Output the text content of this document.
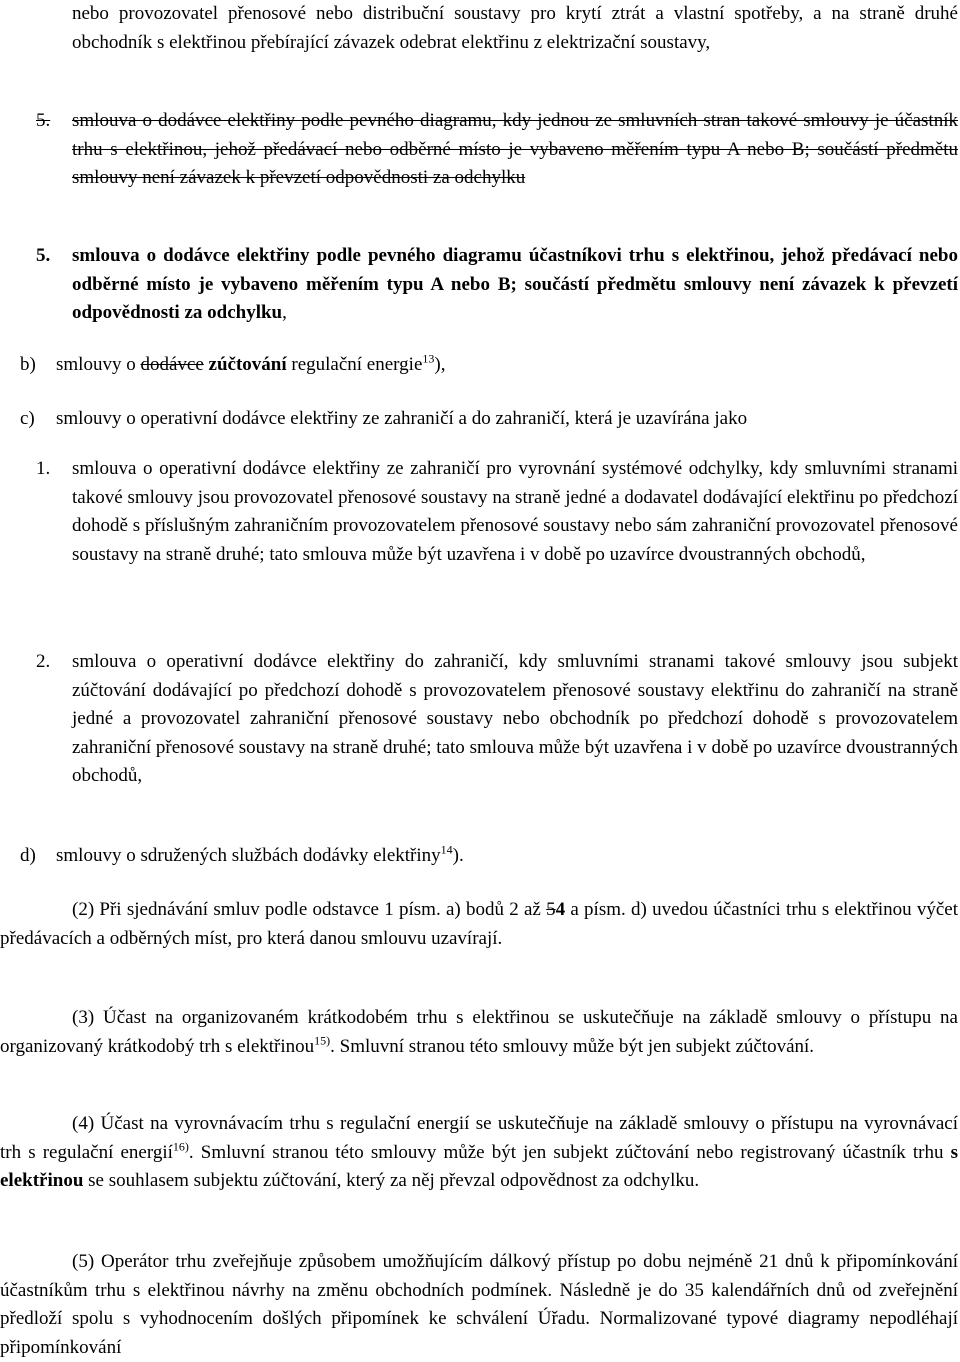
nebo provozovatel přenosové nebo distribuční soustavy pro krytí ztrát a vlastní spotřeby, a na straně druhé obchodník s elektřinou přebírající závazek odebrat elektřinu z elektrizační soustavy,

5. smlouva o dodávce elektřiny podle pevného diagramu, kdy jednou ze smluvních stran takové smlouvy je účastník trhu s elektřinou, jehož předávací nebo odběrné místo je vybaveno měřením typu A nebo B; součástí předmětu smlouvy není závazek k převzetí odpovědnosti za odchylku

5. smlouva o dodávce elektřiny podle pevného diagramu účastníkovi trhu s elektřinou, jehož předávací nebo odběrné místo je vybaveno měřením typu A nebo B; součástí předmětu smlouvy není závazek k převzetí odpovědnosti za odchylku,

b) smlouvy o dodávce zúčtování regulační energie$^{13}$),

c) smlouvy o operativní dodávce elektřiny ze zahraničí a do zahraničí, která je uzavírána jako

1. smlouva o operativní dodávce elektřiny ze zahraničí pro vyrovnání systémové odchylky, kdy smluvními stranami takové smlouvy jsou provozovatel přenosové soustavy na straně jedné a dodavatel dodávající elektřinu po předchozí dohodě s příslušným zahraničním provozovatelem přenosové soustavy nebo sám zahraniční provozovatel přenosové soustavy na straně druhé; tato smlouva může být uzavřena i v době po uzavírce dvoustranných obchodů,

2. smlouva o operativní dodávce elektřiny do zahraničí, kdy smluvními stranami takové smlouvy jsou subjekt zúčtování dodávající po předchozí dohodě s provozovatelem přenosové soustavy elektřinu do zahraničí na straně jedné a provozovatel zahraniční přenosové soustavy nebo obchodník po předchozí dohodě s provozovatelem zahraniční přenosové soustavy na straně druhé; tato smlouva může být uzavřena i v době po uzavírce dvoustranných obchodů,

d) smlouvy o sdružených službách dodávky elektřiny$^{14}$).

(2) Při sjednávání smluv podle odstavce 1 písm. a) bodů 2 až 54 a písm. d) uvedou účastníci trhu s elektřinou výčet předávacích a odběrných míst, pro která danou smlouvu uzavírají.

(3) Účast na organizovaném krátkodobém trhu s elektřinou se uskutečňuje na základě smlouvy o přístupu na organizovaný krátkodobý trh s elektřinou$^{15)}$. Smluvní stranou této smlouvy může být jen subjekt zúčtování.

(4) Účast na vyrovnávacím trhu s regulační energií se uskutečňuje na základě smlouvy o přístupu na vyrovnávací trh s regulační energií$^{16)}$. Smluvní stranou této smlouvy může být jen subjekt zúčtování nebo registrovaný účastník trhu s elektřinou se souhlasem subjektu zúčtování, který za něj převzal odpovědnost za odchylku.

(5) Operátor trhu zveřejňuje způsobem umožňujícím dálkový přístup po dobu nejméně 21 dnů k připomínkování účastníkům trhu s elektřinou návrhy na změnu obchodních podmínek. Následně je do 35 kalendářních dnů od zveřejnění předloží spolu s vyhodnocením došlých připomínek ke schválení Úřadu. Normalizované typové diagramy nepodléhají připomínkování
